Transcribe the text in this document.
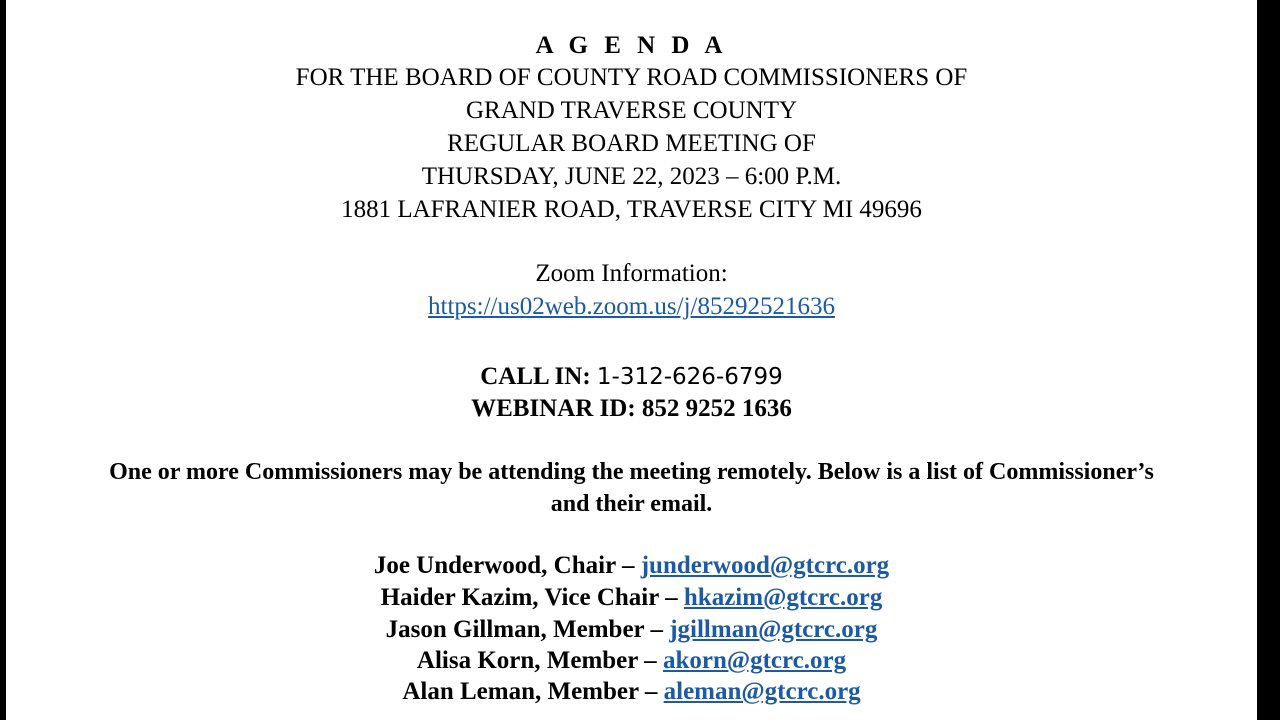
A G E N D A
FOR THE BOARD OF COUNTY ROAD COMMISSIONERS OF
GRAND TRAVERSE COUNTY
REGULAR BOARD MEETING OF
THURSDAY, JUNE 22, 2023 – 6:00 P.M.
1881 LAFRANIER ROAD, TRAVERSE CITY MI 49696
Zoom Information:
https://us02web.zoom.us/j/85292521636
CALL IN: 1-312-626-6799
WEBINAR ID: 852 9252 1636
One or more Commissioners may be attending the meeting remotely. Below is a list of Commissioner’s
and their email.
Joe Underwood, Chair – junderwood@gtcrc.org
Haider Kazim, Vice Chair – hkazim@gtcrc.org
Jason Gillman, Member – jgillman@gtcrc.org
Alisa Korn, Member – akorn@gtcrc.org
Alan Leman, Member – aleman@gtcrc.org
